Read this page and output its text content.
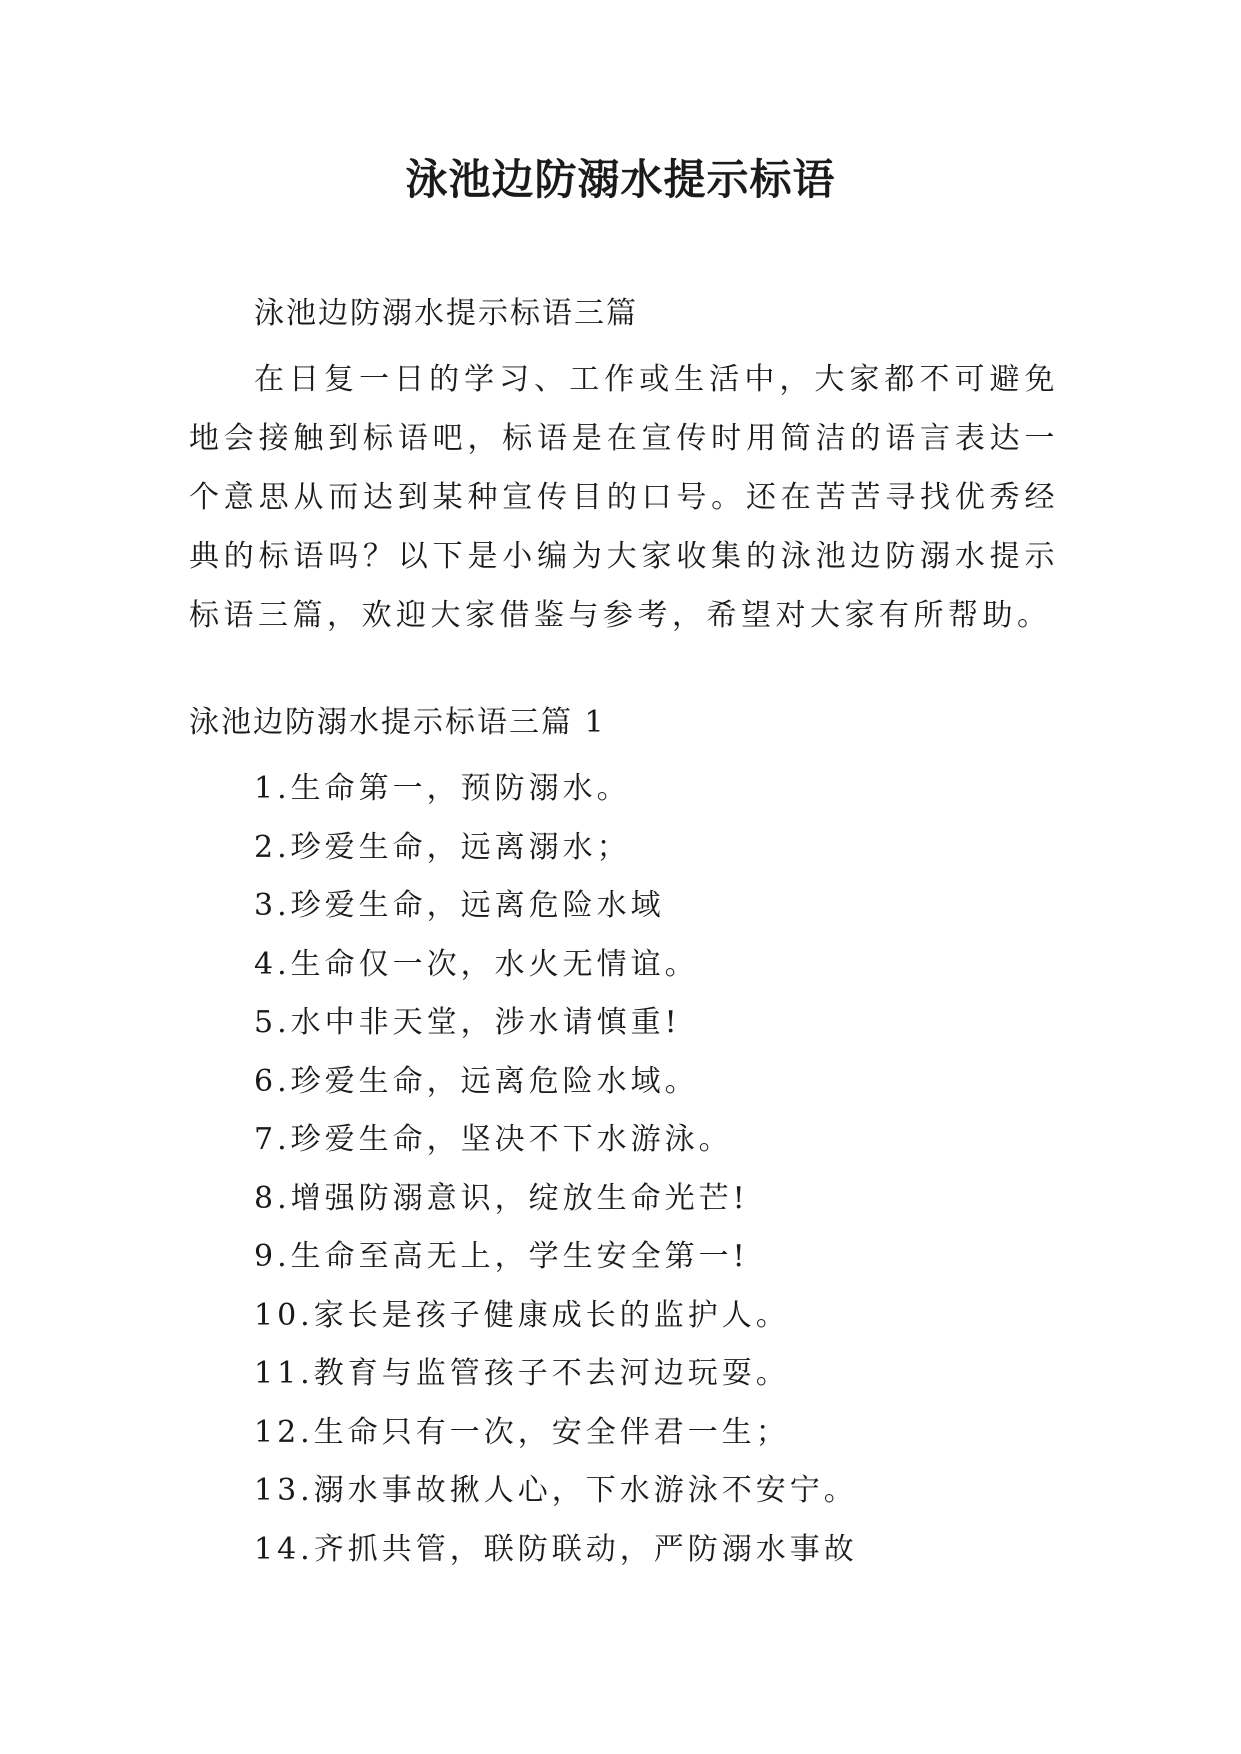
泳池边防溺水提示标语
泳池边防溺水提示标语三篇

在日复一日的学习、工作或生活中，大家都不可避免地会接触到标语吧，标语是在宣传时用简洁的语言表达一个意思从而达到某种宣传目的口号。还在苦苦寻找优秀经典的标语吗？以下是小编为大家收集的泳池边防溺水提示标语三篇，欢迎大家借鉴与参考，希望对大家有所帮助。

泳池边防溺水提示标语三篇 1
1.生命第一，预防溺水。
2.珍爱生命，远离溺水；
3.珍爱生命，远离危险水域
4.生命仅一次，水火无情谊。
5.水中非天堂，涉水请慎重!
6.珍爱生命，远离危险水域。
7.珍爱生命，坚决不下水游泳。
8.增强防溺意识，绽放生命光芒!
9.生命至高无上，学生安全第一!
10.家长是孩子健康成长的监护人。
11.教育与监管孩子不去河边玩耍。
12.生命只有一次，安全伴君一生；
13.溺水事故揪人心，下水游泳不安宁。
14.齐抓共管，联防联动，严防溺水事故
